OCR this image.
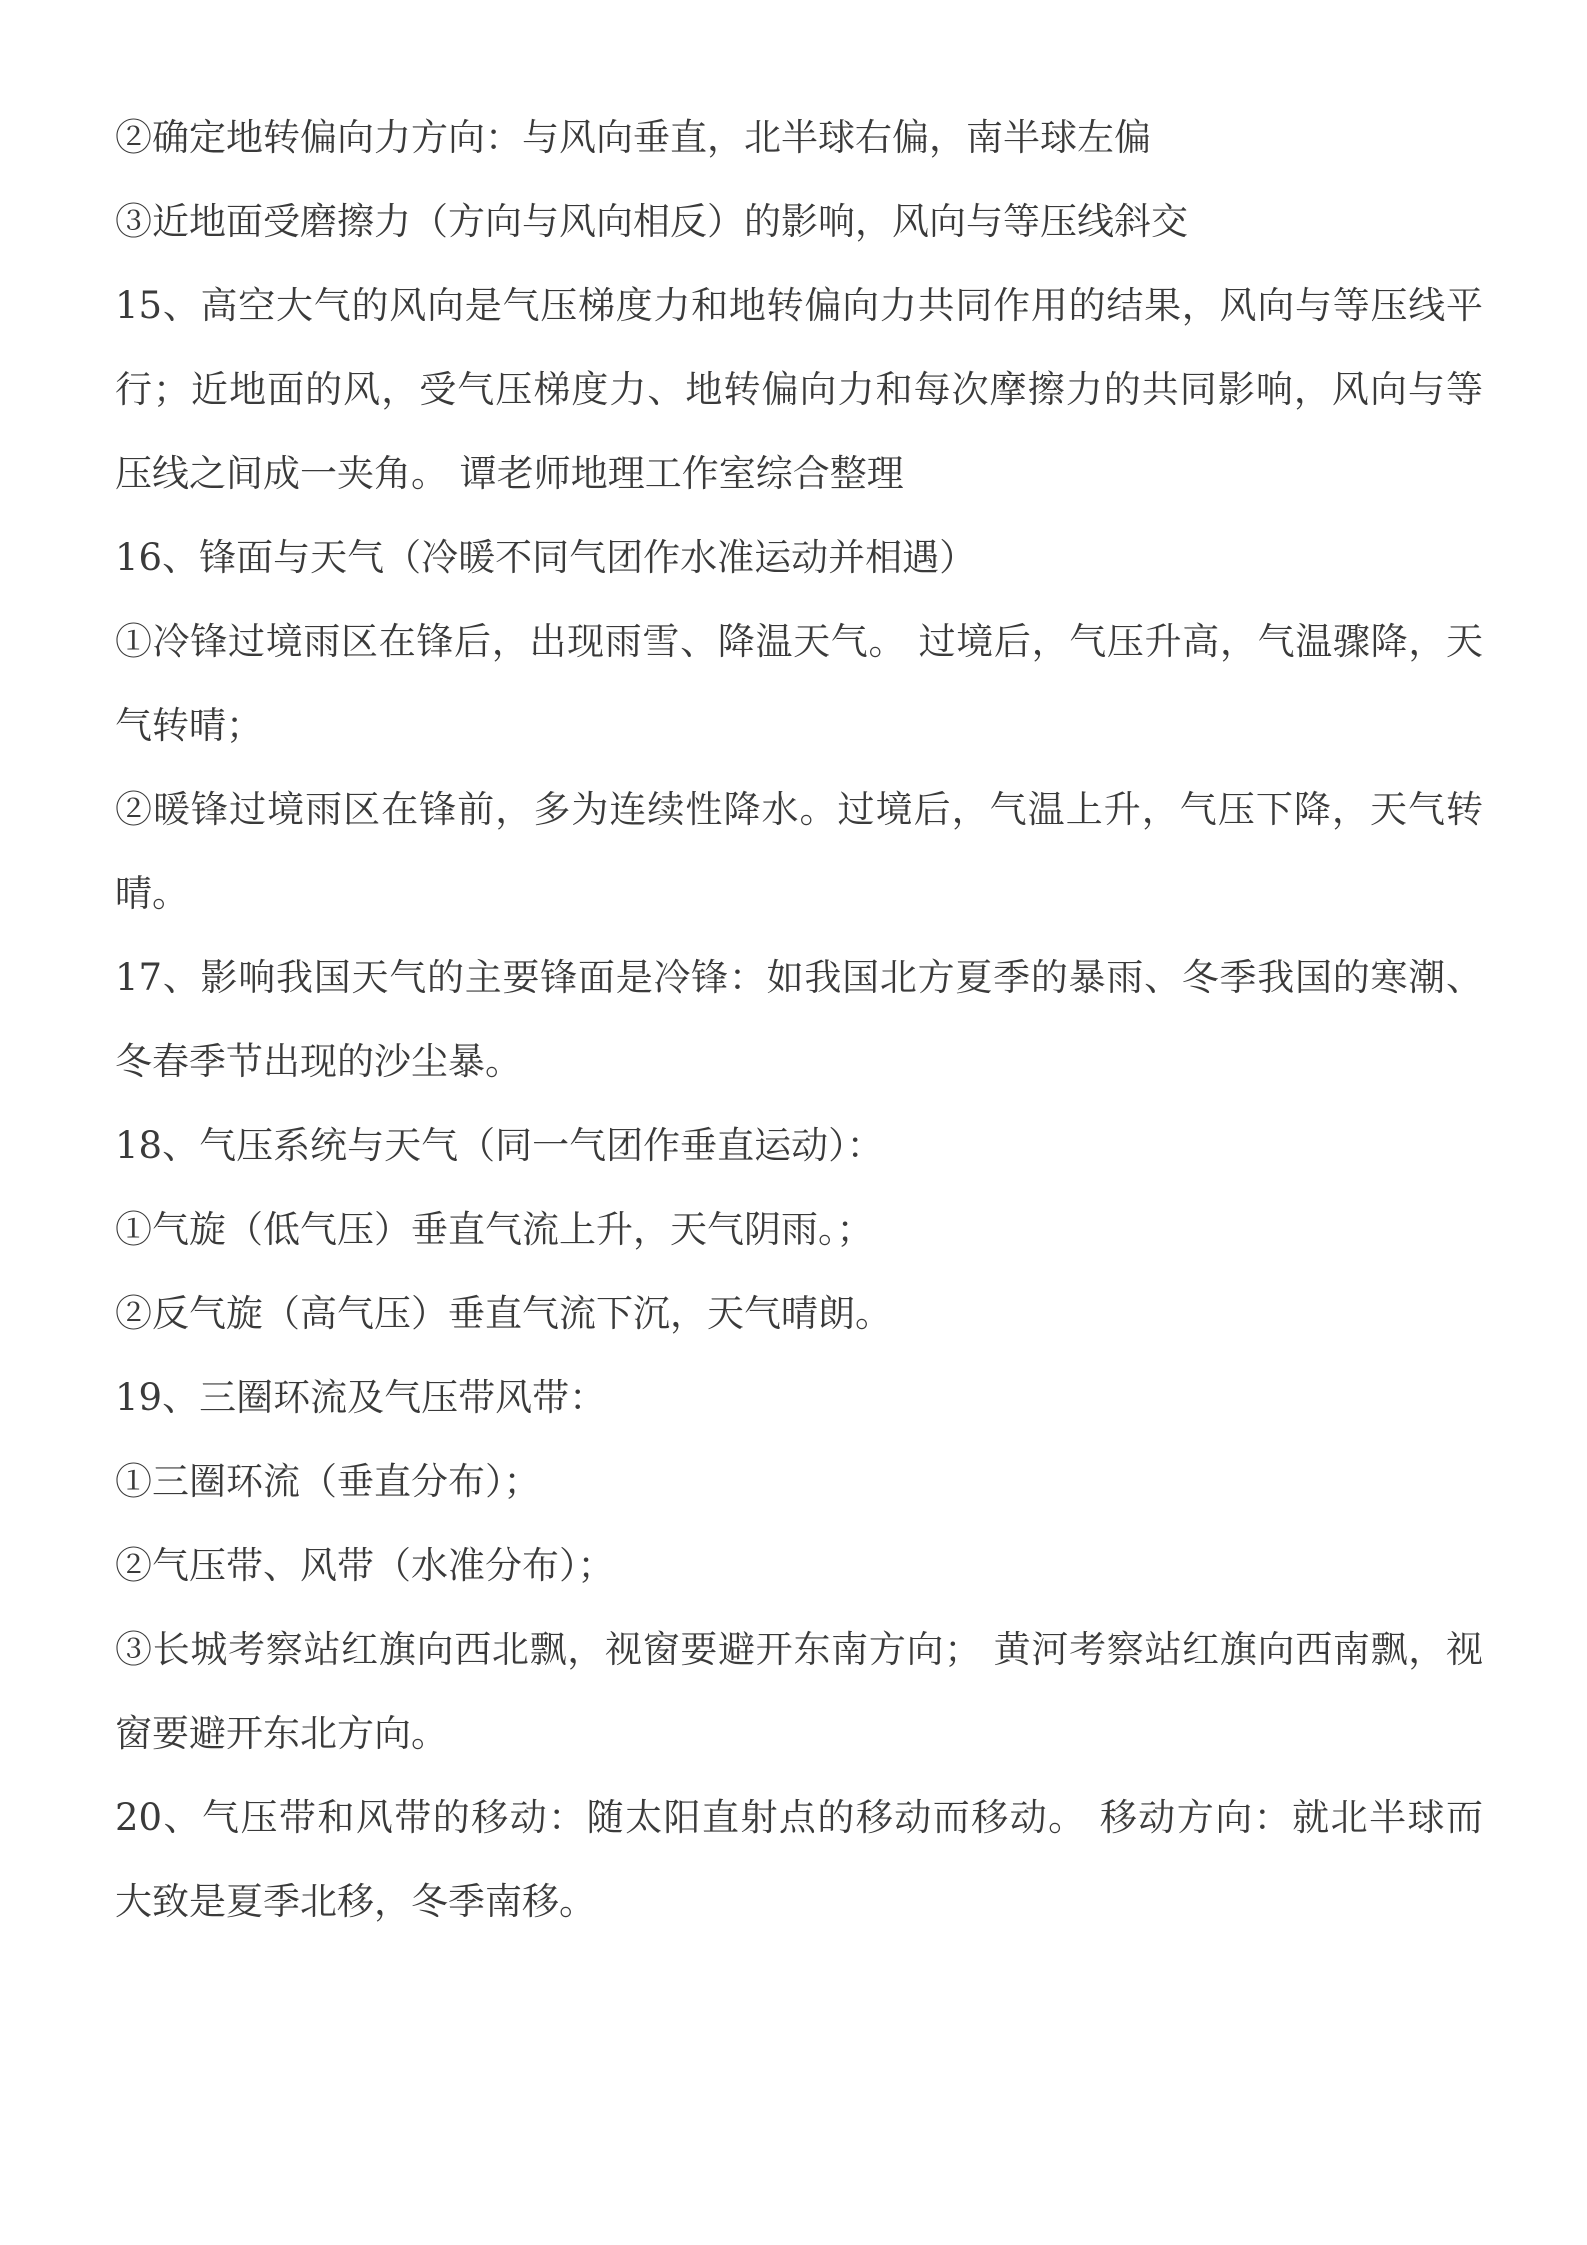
②确定地转偏向力方向：与风向垂直，北半球右偏，南半球左偏
③近地面受磨擦力（方向与风向相反）的影响，风向与等压线斜交
15、高空大气的风向是气压梯度力和地转偏向力共同作用的结果，风向与等压线平
行；近地面的风，受气压梯度力、地转偏向力和每次摩擦力的共同影响，风向与等
压线之间成一夹角。 谭老师地理工作室综合整理
16、锋面与天气（冷暖不同气团作水准运动并相遇）
①冷锋过境雨区在锋后，出现雨雪、降温天气。 过境后，气压升高，气温骤降，天
气转晴；
②暖锋过境雨区在锋前，多为连续性降水。过境后，气温上升，气压下降，天气转
晴。
17、影响我国天气的主要锋面是冷锋：如我国北方夏季的暴雨、冬季我国的寒潮、
冬春季节出现的沙尘暴。
18、气压系统与天气（同一气团作垂直运动）：
①气旋（低气压）垂直气流上升，天气阴雨。；
②反气旋（高气压）垂直气流下沉，天气晴朗。
19、三圈环流及气压带风带：
①三圈环流（垂直分布）；
②气压带、风带（水准分布）；
③长城考察站红旗向西北飘，视窗要避开东南方向； 黄河考察站红旗向西南飘，视
窗要避开东北方向。
20、气压带和风带的移动：随太阳直射点的移动而移动。 移动方向：就北半球而
大致是夏季北移，冬季南移。
